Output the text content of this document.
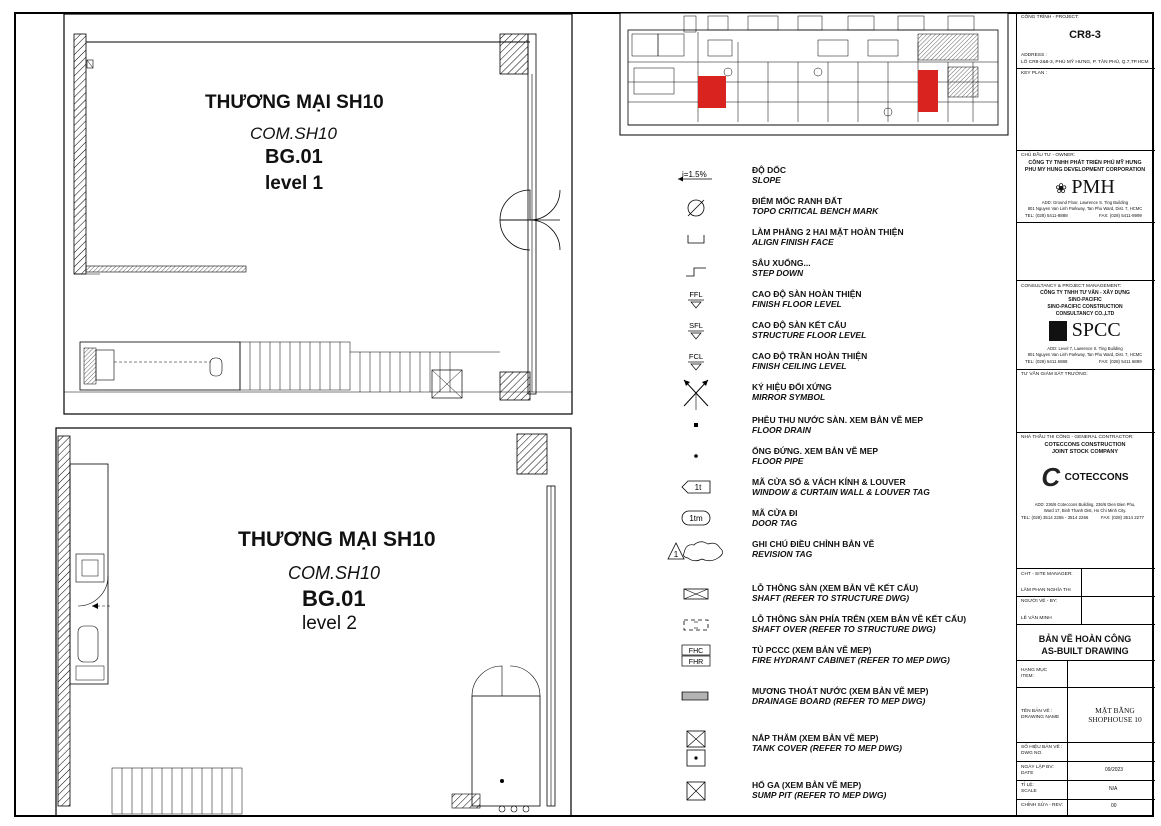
THƯƠNG MẠI SH10
COM.SH10
BG.01
level 1
THƯƠNG MẠI SH10
COM.SH10
BG.01
level 2
i=1.5%	ĐỘ DỐC
SLOPE
ĐIỂM MỐC RANH ĐẤT
TOPO CRITICAL BENCH MARK
LÀM PHẲNG 2 HAI MẶT HOÀN THIỆN
ALIGN FINISH FACE
SÂU XUỐNG...
STEP DOWN
FFL	CAO ĐỘ SÀN HOÀN THIỆN
FINISH FLOOR LEVEL
SFL	CAO ĐỘ SÀN KẾT CẤU
STRUCTURE FLOOR LEVEL
FCL	CAO ĐỘ TRẦN HOÀN THIỆN
FINISH CEILING LEVEL
KÝ HIỆU ĐỐI XỨNG
MIRROR SYMBOL
PHỄU THU NƯỚC SÀN. XEM BẢN VẼ MEP
FLOOR DRAIN
ỐNG ĐỨNG. XEM BẢN VẼ MEP
FLOOR PIPE
1t
MÃ CỬA SỔ & VÁCH KÍNH & LOUVER
WINDOW & CURTAIN WALL & LOUVER TAG
1tm
MÃ CỬA ĐI
DOOR TAG
1
GHI CHÚ ĐIỀU CHỈNH BẢN VẼ
REVISION TAG
LỖ THÔNG SÀN (XEM BẢN VẼ KẾT CẤU)
SHAFT (REFER TO STRUCTURE DWG)
LỖ THÔNG SÀN PHÍA TRÊN (XEM BẢN VẼ KẾT CẤU)
SHAFT OVER (REFER TO STRUCTURE DWG)
FHC
FHR
TỦ PCCC (XEM BẢN VẼ MEP)
FIRE HYDRANT CABINET (REFER TO MEP DWG)
MƯƠNG THOÁT NƯỚC (XEM BẢN VẼ MEP)
DRAINAGE BOARD (REFER TO MEP DWG)
NẮP THĂM (XEM BẢN VẼ MEP)
TANK COVER (REFER TO MEP DWG)
HỐ GA (XEM BẢN VẼ MEP)
SUMP PIT (REFER TO MEP DWG)
CÔNG TRÌNH - PROJECT:
CR8-3
ADDRESS :
LÔ CR8-2&8-3, PHÚ MỸ HƯNG, P. TÂN PHÚ, Q.7,TP.HCM
KEY PLAN :
CHỦ ĐẦU TƯ - OWNER:
CÔNG TY TNHH PHÁT TRIỂN PHÚ MỸ HƯNG
PHU MY HUNG DEVELOPMENT CORPORATION
❀ PMH
ADD: Ground Floor, Lawrence S. Ting Building
801 Nguyen Van Linh Parkway, Tan Phu Ward, Dist. 7, HCMC
TEL: (028) 5411-8888	FAX: (028) 5411-8999
CONSULTANCY & PROJECT MANAGEMENT:
CÔNG TY TNHH TƯ VẤN - XÂY DỰNG
SINO-PACIFIC
SINO-PACIFIC CONSTRUCTION
CONSULTANCY CO.,LTD
SPCC
ADD: Level 7, Lawrence S. Ting Building
801 Nguyen Van Linh Parkway, Tan Phu Ward, Dist. 7, HCMC
TEL: (028) 5411 6888	FAX: (028) 5411 6899
TƯ VẤN GIÁM SÁT TRƯỞNG:
NHÀ THẦU THI CÔNG - GENERAL CONTRACTOR:
COTECCONS CONSTRUCTION
JOINT STOCK COMPANY
C COTECCONS
ADD: 236/6 Coteccons Building, 236/6 Dien Bien Phu,
Ward 17, Binh Thanh Dist, Ho Chi Minh City.
TEL: (028) 3514 2255 - 3514 2266	FAX: (028) 3514 2277
CHT - SITE MANAGER:
LÂM PHAN NGHĨA THI
NGƯỜI VẼ - BY:
LÊ VĂN MINH
BẢN VẼ HOÀN CÔNG
AS-BUILT DRAWING
HẠNG MỤC
ITEM:
TÊN BẢN VẼ :
DRAWING NAME
MẶT BẰNG
SHOPHOUSE 10
SỐ HIỆU BẢN VẼ :
DWG NO.
NGÀY LẬP BV:
DATE
09/2023
TỈ LỆ:
SCALE	N/A
CHỈNH SỬA - REV:	00
